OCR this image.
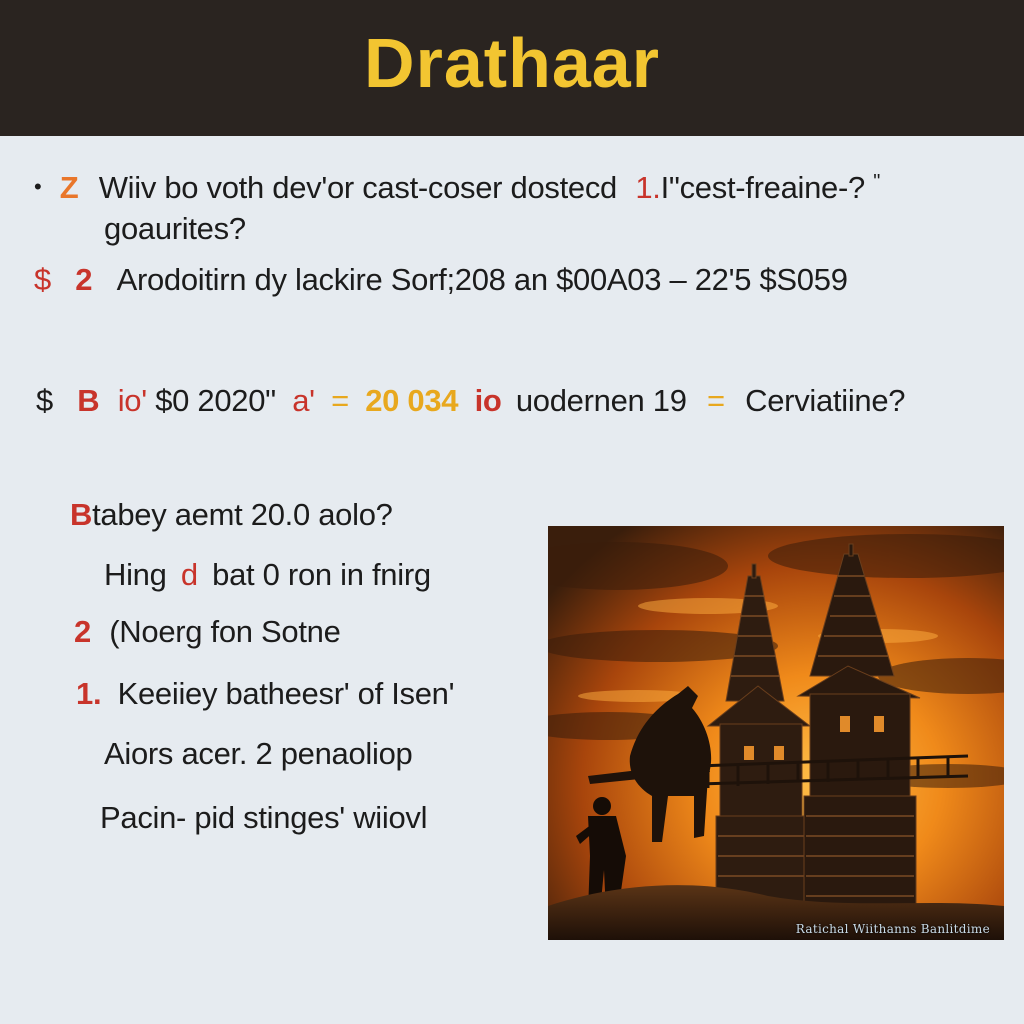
Drathaar
• Z Wiiv bo voth dev'or cast-coser dostecd 1.I"cest-freaine-? "
goaurites?
$ 2 Arodoitirn dy lackire Sorf;208 an $00A03 – 22'5 $S059
$ B io' $0 2020" a' = 20 034 io uodernen 19 = Cerviatiine?
Btabey aemt 20.0 aolo?
Hing d bat 0 ron in fnirg
2 (Noerg fon Sotne
1. Keeiiey batheesr' of Isen'
Aiors acer. 2 penaoliop
Pacin- pid stinges' wiiovl
Ratichal Wiithanns Banlitdime
